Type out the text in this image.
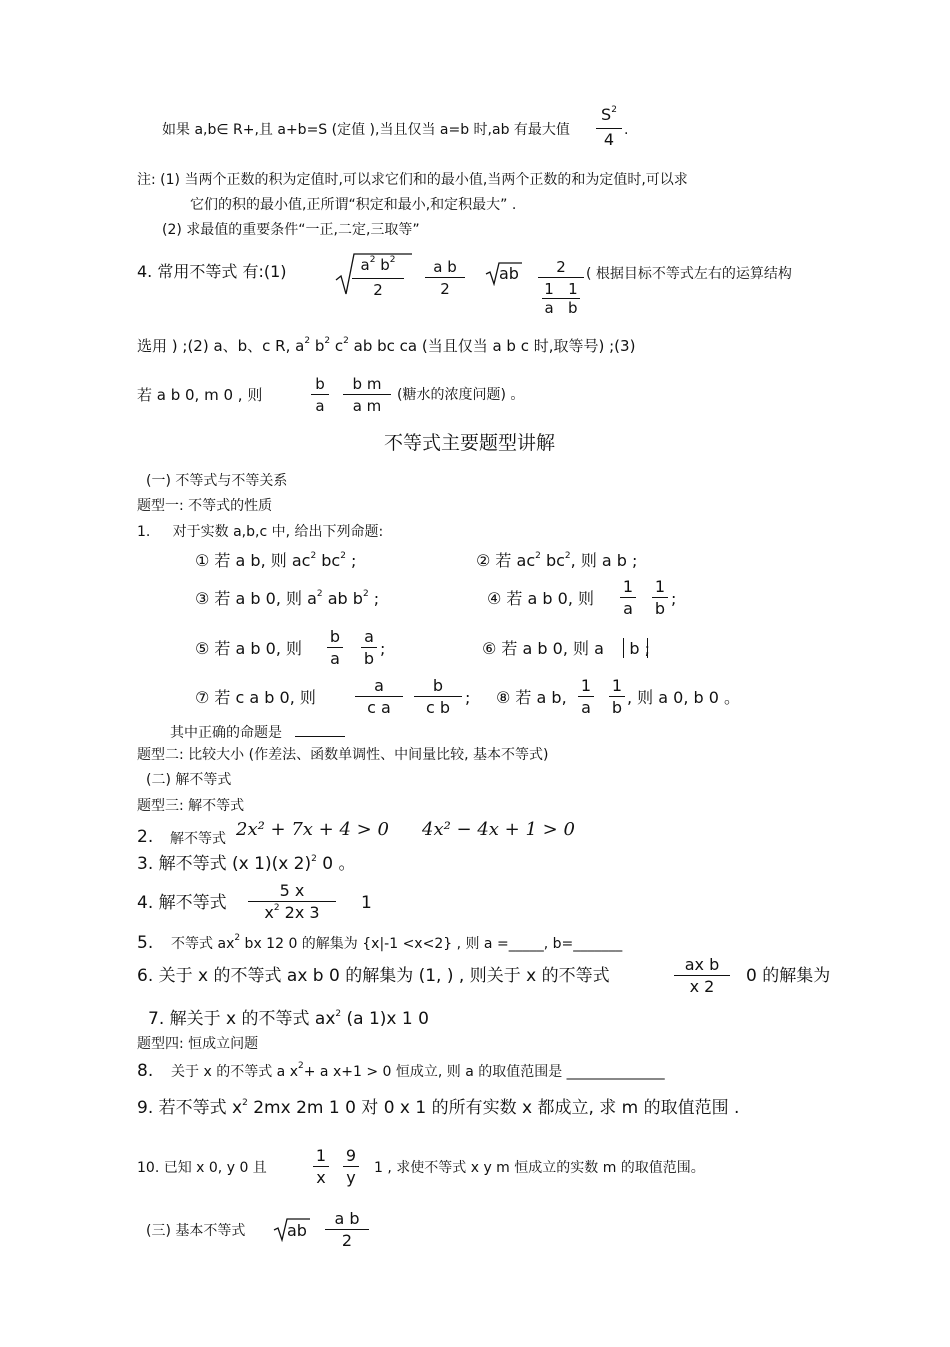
如果 a,b∈ R+,且 a+b=S (定值 ),当且仅当 a=b 时,ab 有最大值
$S^2$
4 .
注: (1) 当两个正数的积为定值时,可以求它们和的最小值,当两个正数的和为定值时,可以求
它们的积的最小值,正所谓“积定和最小,和定积最大” .
(2) 求最值的重要条件“一正,二定,三取等”
4. 常用不等式 有:(1)	$a^2$ $b^2$
2
a b
2
ab	2
1 1
a b
( 根据目标不等式左右的运算结构
选用 ) ;(2) a、b、c R, $a^2$ $b^2$ $c^2$ ab bc ca (当且仅当 a b c 时,取等号) ;(3)
若 a b 0, m 0 , 则
b
a
b m
a m
(糖水的浓度问题) 。
不等式主要题型讲解
(一) 不等式与不等关系
题型一: 不等式的性质
1. 对于实数 a,b,c 中, 给出下列命题:
① 若 a b, 则 $ac^2$ $bc^2$ ;	② 若 $ac^2$ $bc^2$, 则 a b ;
③ 若 a b 0, 则 $a^2$ ab $b^2$ ;	④ 若 a b 0, 则
1
a
1
b
;
⑤ 若 a b 0, 则
b
a
a
b
;	⑥ 若 a b 0, 则 a b ;
⑦ 若 c a b 0, 则
a
c a
b
c b
; ⑧ 若 a b,
1
a
1
b
, 则 a 0, b 0 。
其中正确的命题是
题型二: 比较大小 (作差法、函数单调性、中间量比较, 基本不等式)
(二) 解不等式
题型三: 解不等式
2. 解不等式 2x² + 7x + 4 > 0 4x² − 4x + 1 > 0
3. 解不等式 (x 1)(x 2)$^2$ 0 。
4. 解不等式
5 x
$x^2$ 2x 3	1
5. 不等式 $ax^2$ bx 12 0 的解集为 {x|-1 <x<2} , 则 a =_____, b=_______
6. 关于 x 的不等式 ax b 0 的解集为 (1, ) , 则关于 x 的不等式
ax b
x 2
0 的解集为
7. 解关于 x 的不等式 $ax^2$ (a 1)x 1 0
题型四: 恒成立问题
8. 关于 x 的不等式 a $x^2+ a$ x+1 > 0 恒成立, 则 a 的取值范围是 ______________
9. 若不等式 $x^2$ 2mx 2m 1 0 对 0 x 1 的所有实数 x 都成立, 求 m 的取值范围 .
10. 已知 x 0, y 0 且
1
x
9
y 1 , 求使不等式 x y m 恒成立的实数 m 的取值范围。
(三) 基本不等式	ab
a b
2
